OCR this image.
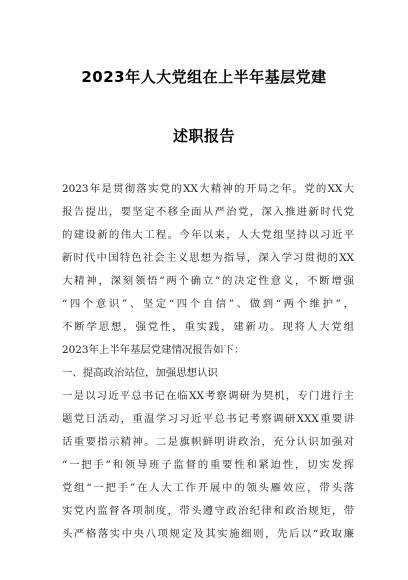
2023年人大党组在上半年基层党建
述职报告
2023年是贯彻落实党的XX大精神的开局之年。党的XX大
报告提出，要坚定不移全面从严治党，深入推进新时代党
的建设新的伟大工程。今年以来，人大党组坚持以习近平
新时代中国特色社会主义思想为指导，深入学习贯彻的XX
大精神，深刻领悟“两个确立”的决定性意义，不断增强
“四个意识”、坚定“四个自信”、做到“两个维护”，
不断学思想，强党性，重实践，建新功。现将人大党组
2023年上半年基层党建情况报告如下：
一、提高政治站位，加强思想认识
一是以习近平总书记在临XX考察调研为契机，专门进行主
题党日活动，重温学习习近平总书记考察调研XXX重要讲
话重要指示精神。二是旗帜鲜明讲政治，充分认识加强对
“一把手”和领导班子监督的重要性和紧迫性，切实发挥
党组“一把手”在人大工作开展中的领头雁效应，带头落
实党内监督各项制度，带头遵守政治纪律和政治规矩，带
头严格落实中央八项规定及其实施细则，先后以“政取廉
